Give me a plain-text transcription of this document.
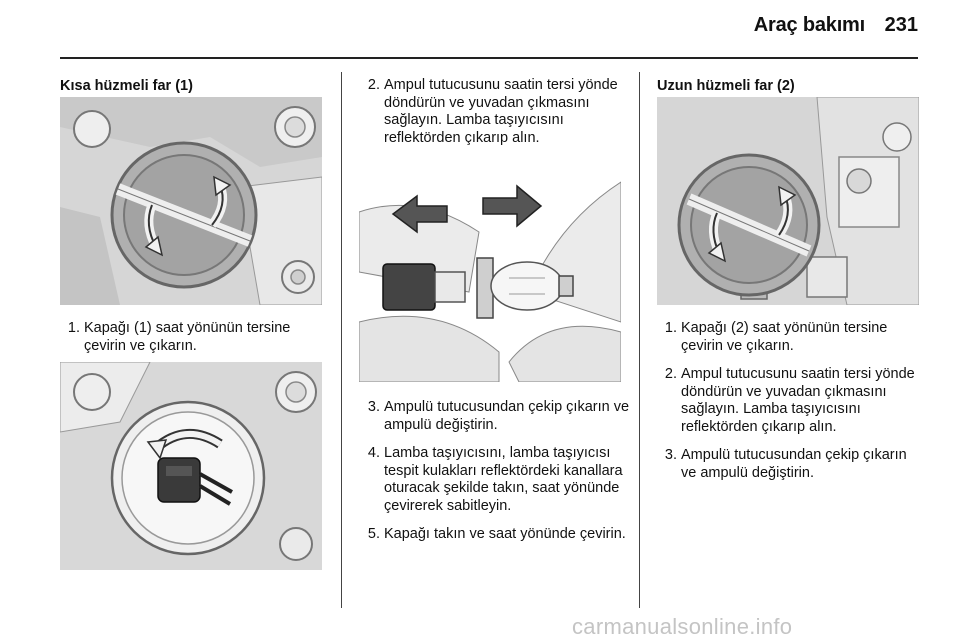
Araç bakımı 231
Kısa hüzmeli far (1)
1. Kapağı (1) saat yönünün tersine çevirin ve çıkarın.
2. Ampul tutucusunu saatin tersi yönde döndürün ve yuvadan çıkmasını sağlayın. Lamba taşıyıcısını reflektörden çıkarıp alın.
3. Ampulü tutucusundan çekip çıkarın ve ampulü değiştirin.
4. Lamba taşıyıcısını, lamba taşıyıcısı tespit kulakları reflektördeki kanallara oturacak şekilde takın, saat yönünde çevirerek sabitleyin.
5. Kapağı takın ve saat yönünde çevirin.
Uzun hüzmeli far (2)
1. Kapağı (2) saat yönünün tersine çevirin ve çıkarın.
2. Ampul tutucusunu saatin tersi yönde döndürün ve yuvadan çıkmasını sağlayın. Lamba taşıyıcısını reflektörden çıkarıp alın.
3. Ampulü tutucusundan çekip çıkarın ve ampulü değiştirin.
carmanualsonline.info
